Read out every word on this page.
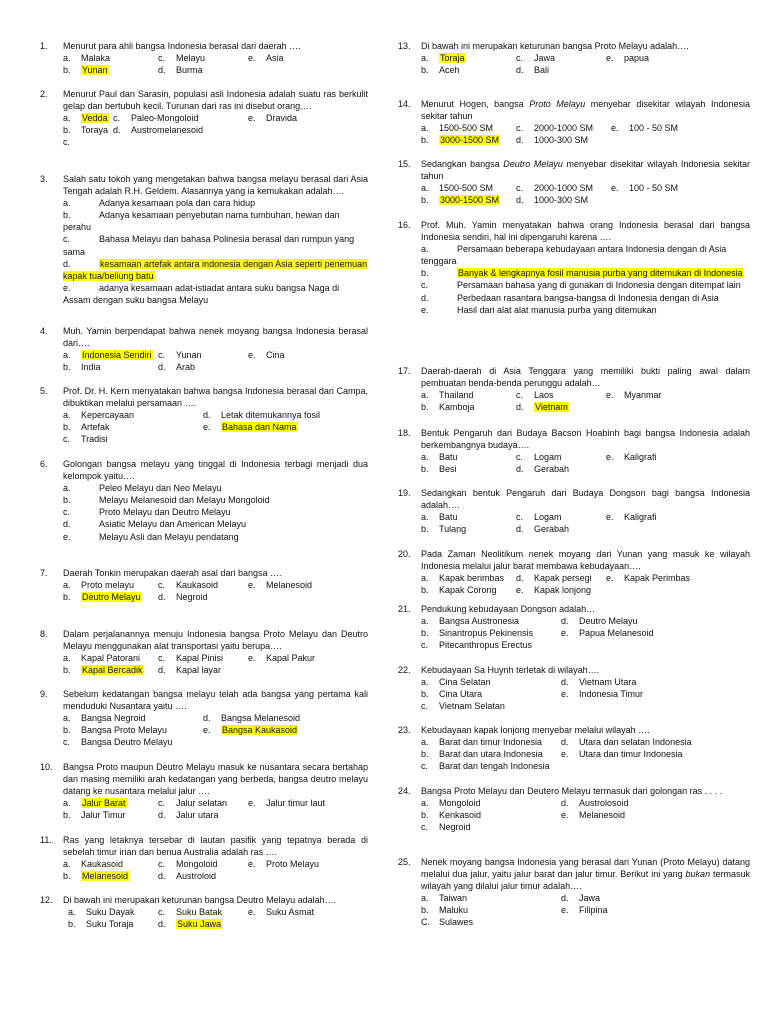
1.	Menurut para ahli bangsa Indonesia berasal dari daerah ….
a. Malaka	c. Melayu	e. Asia
b. Yunan	d. Burma
2.	Menurut Paul dan Sarasin, populasi asli Indonesia adalah suatu ras berkulit gelap dan bertubuh kecil. Turunan dari ras ini disebut orang….
a. Vedda c. Paleo-Mongoloid	e. Dravida
b. Toraya d. Austromelanesoid
c.
3.	Salah satu tokoh yang mengetakan bahwa bangsa melayu berasal dari Asia Tengah adalah R.H. Geldem. Alasannya yang ia kemukakan adalah….
a.	Adanya kesamaan pola dan cara hidup
b.	Adanya kesamaan penyebutan nama tumbuhan, hewan dan perahu
c.	Bahasa Melayu dan bahasa Polinesia berasal dari rumpun yang sama
d.	kesamaan artefak antara indonesia dengan Asia seperti penemuan kapak tua/beliung batu
e.	adanya kesamaan adat-istiadat antara suku bangsa Naga di Assam dengan suku bangsa Melayu
4.	Muh. Yamin berpendapat bahwa nenek moyang bangsa Indonesia berasal dari….
a. Indonesia Sendiri c. Yunan	e. Cina
b. India	d. Arab
5.	Prof. Dr. H. Kern menyatakan bahwa bangsa Indonesia berasal dari Campa, dibuktikan melalui persamaan ….
a. Kepercayaan	d. Letak ditemukannya fosil
b. Artefak	e. Bahasa dan Nama
c. Tradisi
6.	Golongan bangsa melayu yang tinggal di Indonesia terbagi menjadi dua kelompok yaitu….
a.	Peleo Melayu dan Neo Melayu
b.	Melayu Melanesoid dan Melayu Mongoloid
c.	Proto Melayu dan Deutro Melayu
d.	Asiatic Melayu dan American Melayu
e.	Melayu Asli dan Melayu pendatang
7.	Daerah Tonkin merupakan daerah asal dari bangsa ….
a. Proto melayu	c. Kaukasoid	e. Melanesoid
b. Deutro Melayu d. Negroid
8.	Dalam perjalanannya menuju Indonesia bangsa Proto Melayu dan Deutro Melayu menggunakan alat transportasi yaitu berupa….
a. Kapal Patorani c. Kapal Pinisi	e. Kapal Pakur
b. Kapal Bercadik d. Kapal layar
9.	Sebelum kedatangan bangsa melayu telah ada bangsa yang pertama kali menduduki Nusantara yaitu ….
a. Bangsa Negroid	d. Bangsa Melanesoid
b. Bangsa Proto Melayu	e. Bangsa Kaukasoid
c. Bangsa Deutro Melayu
10.	Bangsa Proto maupun Deutro Melayu masuk ke nusantara secara bertahap dan masing memiliki arah kedatangan yang berbeda, bangsa deutro melayu datang ke nusantara melalui jalur ….
a. Jalur Barat	c. Jalur selatan e. Jalur timur laut
b. Jalur Timur	d. Jalur utara
11.	Ras yang letaknya tersebar di lautan pasifik yang tepatnya berada di sebelah timur irian dan benua Australia adalah ras ….
a. Kaukasoid	c. Mongoloid	e. Proto Melayu
b. Melanesoid	d. Austroloid
12.	Di bawah ini merupakan keturunan bangsa Deutro Melayu adalah….
a. Suku Dayak	c. Suku Batak	e. Suku Asmat
b. Suku Toraja	d. Suku Jawa
13.	Di bawah ini merupakan keturunan bangsa Proto Melayu adalah….
a. Toraja	c. Jawa	e. papua
b. Aceh	d. Bali
14.	Menurut Hogen, bangsa Proto Melayu menyebar disekitar wilayah Indonesia sekitar tahun
a. 1500-500 SM	c. 2000-1000 SM e. 100 - 50 SM
b. 3000-1500 SM d. 1000-300 SM
15.	Sedangkan bangsa Deutro Melayu menyebar disekitar wilayah Indonesia sekitar tahun
a. 1500-500 SM	c. 2000-1000 SM e. 100 - 50 SM
b. 3000-1500 SM d. 1000-300 SM
16.	Prof. Muh. Yamin menyatakan bahwa orang Indonesia berasal dari bangsa Indonesia sendiri, hal ini dipengaruhi karena ….
a.	Persamaan beberapa kebudayaan antara Indonesia dengan di Asia tenggara
b.	Banyak & lengkapnya fosil manusia purba yang ditemukan di Indonesia
c.	Persamaan bahasa yang di gunakan di Indonesia dengan ditempat lain
d.	Perbedaan rasantara bangsa-bangsa di Indonesia dengan di Asia
e.	Hasil dari alat alat manusia purba yang ditemukan
17.	Daerah-daerah di Asia Tenggara yang memiliki bukti paling awal dalam pembuatan benda-benda perunggu adalah…
a. Thailand	c. Laos	e. Myanmar
b. Kamboja	d. Vietnam
18.	Bentuk Pengaruh dari Budaya Bacson Hoabinh bagi bangsa Indonesia adalah berkembangnya budaya….
a. Batu	c. Logam	e. Kaligrafi
b. Besi	d. Gerabah
19.	Sedangkan bentuk Pengaruh dari Budaya Dongson bagi bangsa Indonesia adalah….
a. Batu	c. Logam	e. Kaligrafi
b. Tulang	d. Gerabah
20.	Pada Zaman Neolitikum nenek moyang dari Yunan yang masuk ke wilayah Indonesia melalui jalur barat membawa kebudayaan….
a. Kapak berimbas d. Kapak persegi e. Kapak Perimbas
b. Kapak Corong e. Kapak lonjong
21.	Pendukung kebudayaan Dongson adalah…
a. Bangsa Austronesia	d. Deutro Melayu
b. Sinantropus Pekinensis	e. Papua Melanesoid
c. Pitecanthropus Erectus
22.	Kebudayaan Sa Huynh terletak di wilayah….
a. Cina Selatan	d. Vietnam Utara
b. Cina Utara	e. Indonesia Timur
c. Vietnam Selatan
23.	Kebudayaan kapak lonjong menyebar melalui wilayah ….
a. Barat dan timur Indonesia d. Utara dan selatan Indonesia
b. Barat dan utara Indonesia e. Utara dan timur Indonesia
c. Barat dan tengah Indonesia
24.	Bangsa Proto Melayu dan Deutero Melayu termasuk dari golongan ras . . . .
a. Mongoloid	d. Austrolosoid
b. Kenkasoid	e. Melanesoid
c. Negroid
25.	Nenek moyang bangsa Indonesia yang berasal dari Yunan (Proto Melayu) datang melalui dua jalur, yaitu jalur barat dan jalur timur. Berikut ini yang bukan termasuk wilayah yang dilalui jalur timur adalah….
a. Taiwan	d. Jawa
b. Maluku	e. Filipina
C. Sulawes
